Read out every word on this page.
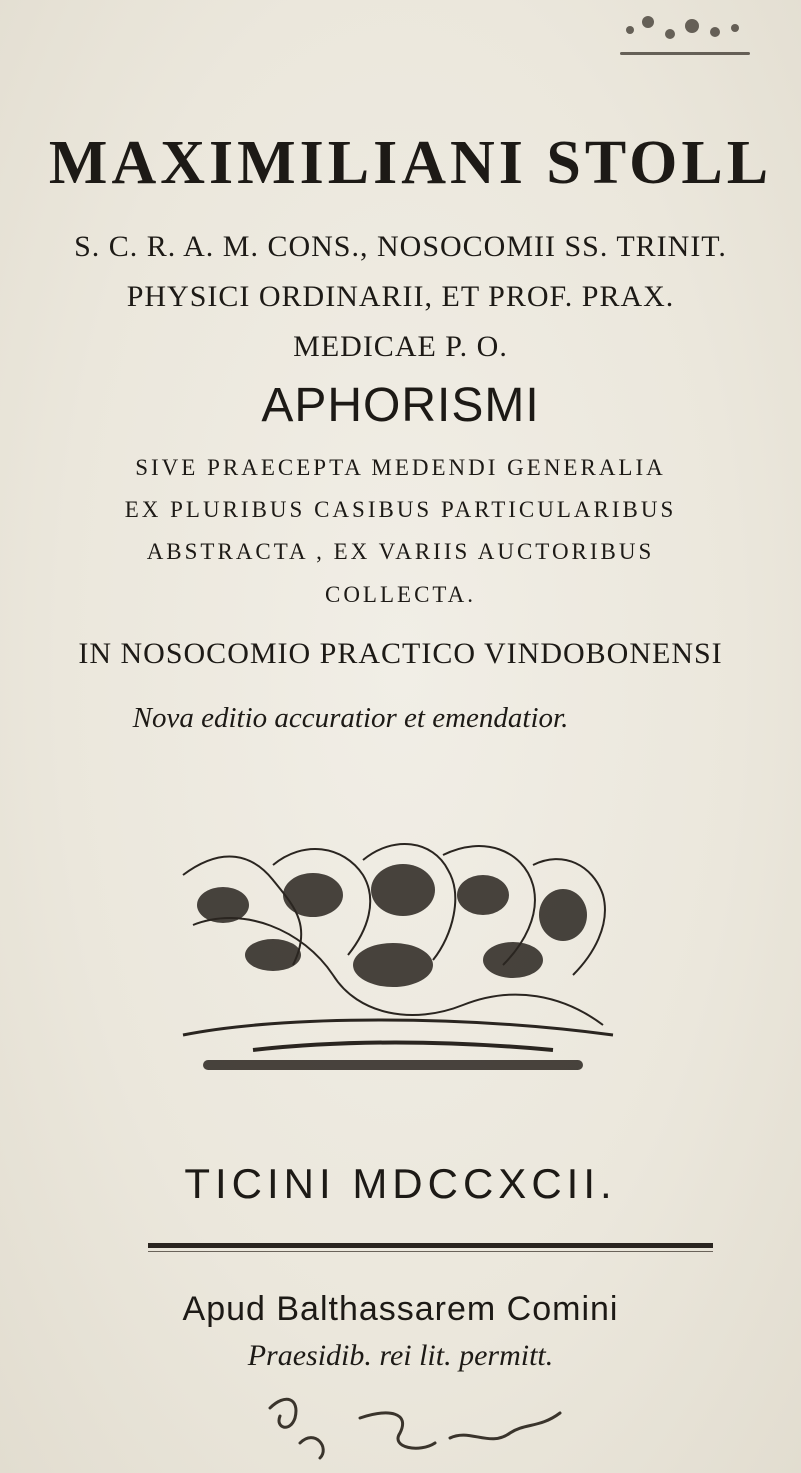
MAXIMILIANI STOLL
S. C. R. A. M. CONS., NOSOCOMII SS. TRINIT.
PHYSICI ORDINARII, ET PROF. PRAX.
MEDICAE P. O.
APHORISMI
SIVE PRAECEPTA MEDENDI GENERALIA
EX PLURIBUS CASIBUS PARTICULARIBUS
ABSTRACTA , EX VARIIS AUCTORIBUS
COLLECTA.
IN NOSOCOMIO PRACTICO VINDOBONENSI
Nova editio accuratior et emendatior.
TICINI MDCCXCII.
Apud Balthassarem Comini
Praesidib. rei lit. permitt.
